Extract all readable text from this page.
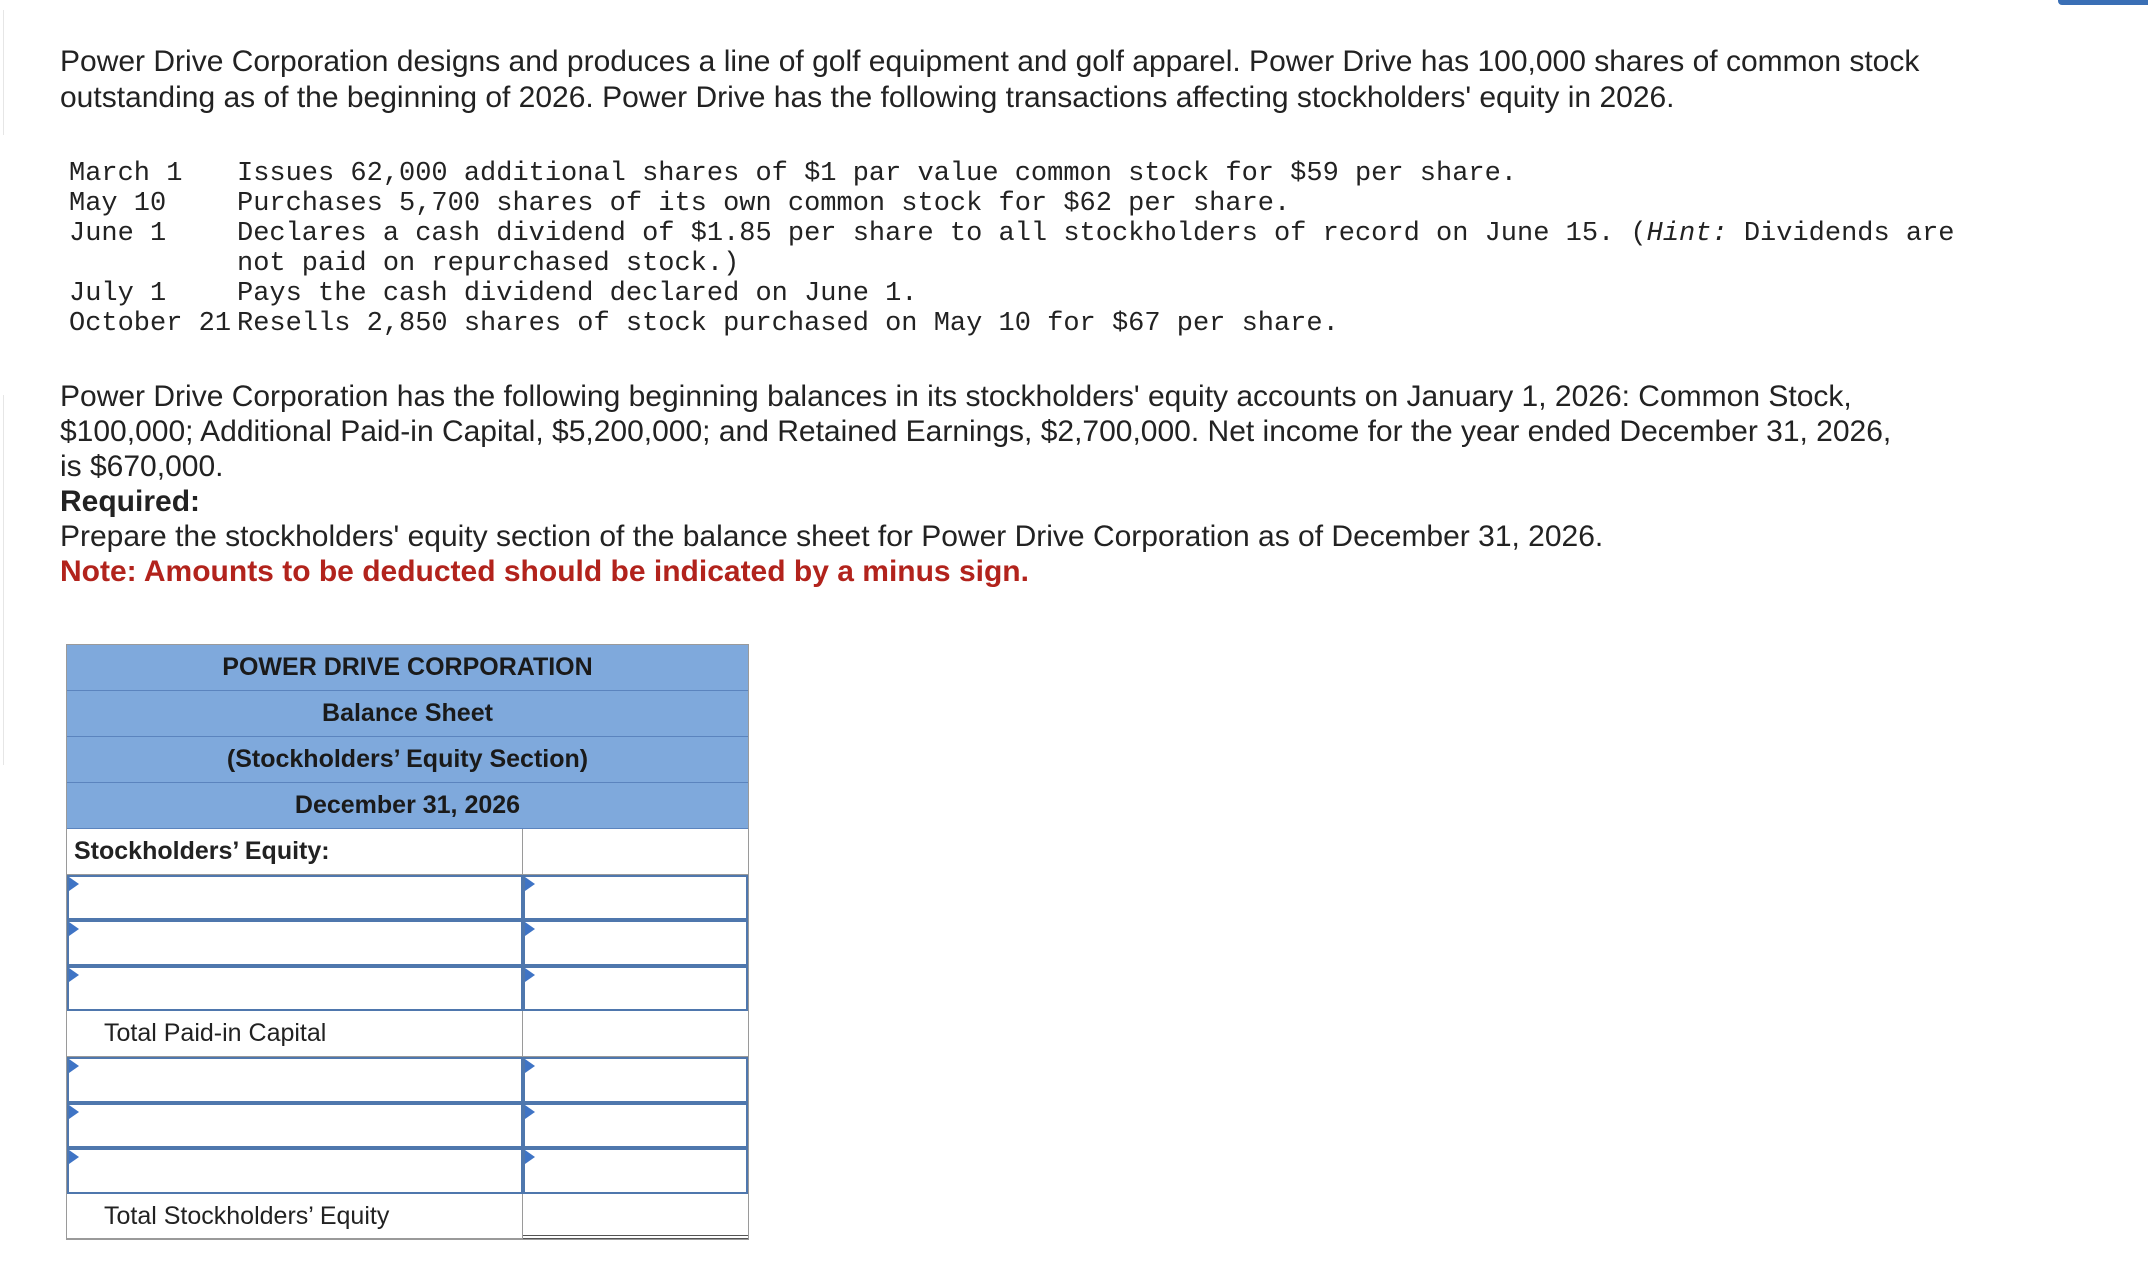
Power Drive Corporation designs and produces a line of golf equipment and golf apparel. Power Drive has 100,000 shares of common stock outstanding as of the beginning of 2026. Power Drive has the following transactions affecting stockholders' equity in 2026.

March 1	Issues 62,000 additional shares of $1 par value common stock for $59 per share.
May 10	Purchases 5,700 shares of its own common stock for $62 per share.
June 1	Declares a cash dividend of $1.85 per share to all stockholders of record on June 15. (Hint: Dividends are not paid on repurchased stock.)
July 1	Pays the cash dividend declared on June 1.
October 21 Resells 2,850 shares of stock purchased on May 10 for $67 per share.

Power Drive Corporation has the following beginning balances in its stockholders' equity accounts on January 1, 2026: Common Stock, $100,000; Additional Paid-in Capital, $5,200,000; and Retained Earnings, $2,700,000. Net income for the year ended December 31, 2026, is $670,000.

Required:
Prepare the stockholders' equity section of the balance sheet for Power Drive Corporation as of December 31, 2026.
Note: Amounts to be deducted should be indicated by a minus sign.
POWER DRIVE CORPORATION
Balance Sheet
(Stockholders’ Equity Section)
December 31, 2026
Stockholders’ Equity:
Total Paid-in Capital
Total Stockholders’ Equity
